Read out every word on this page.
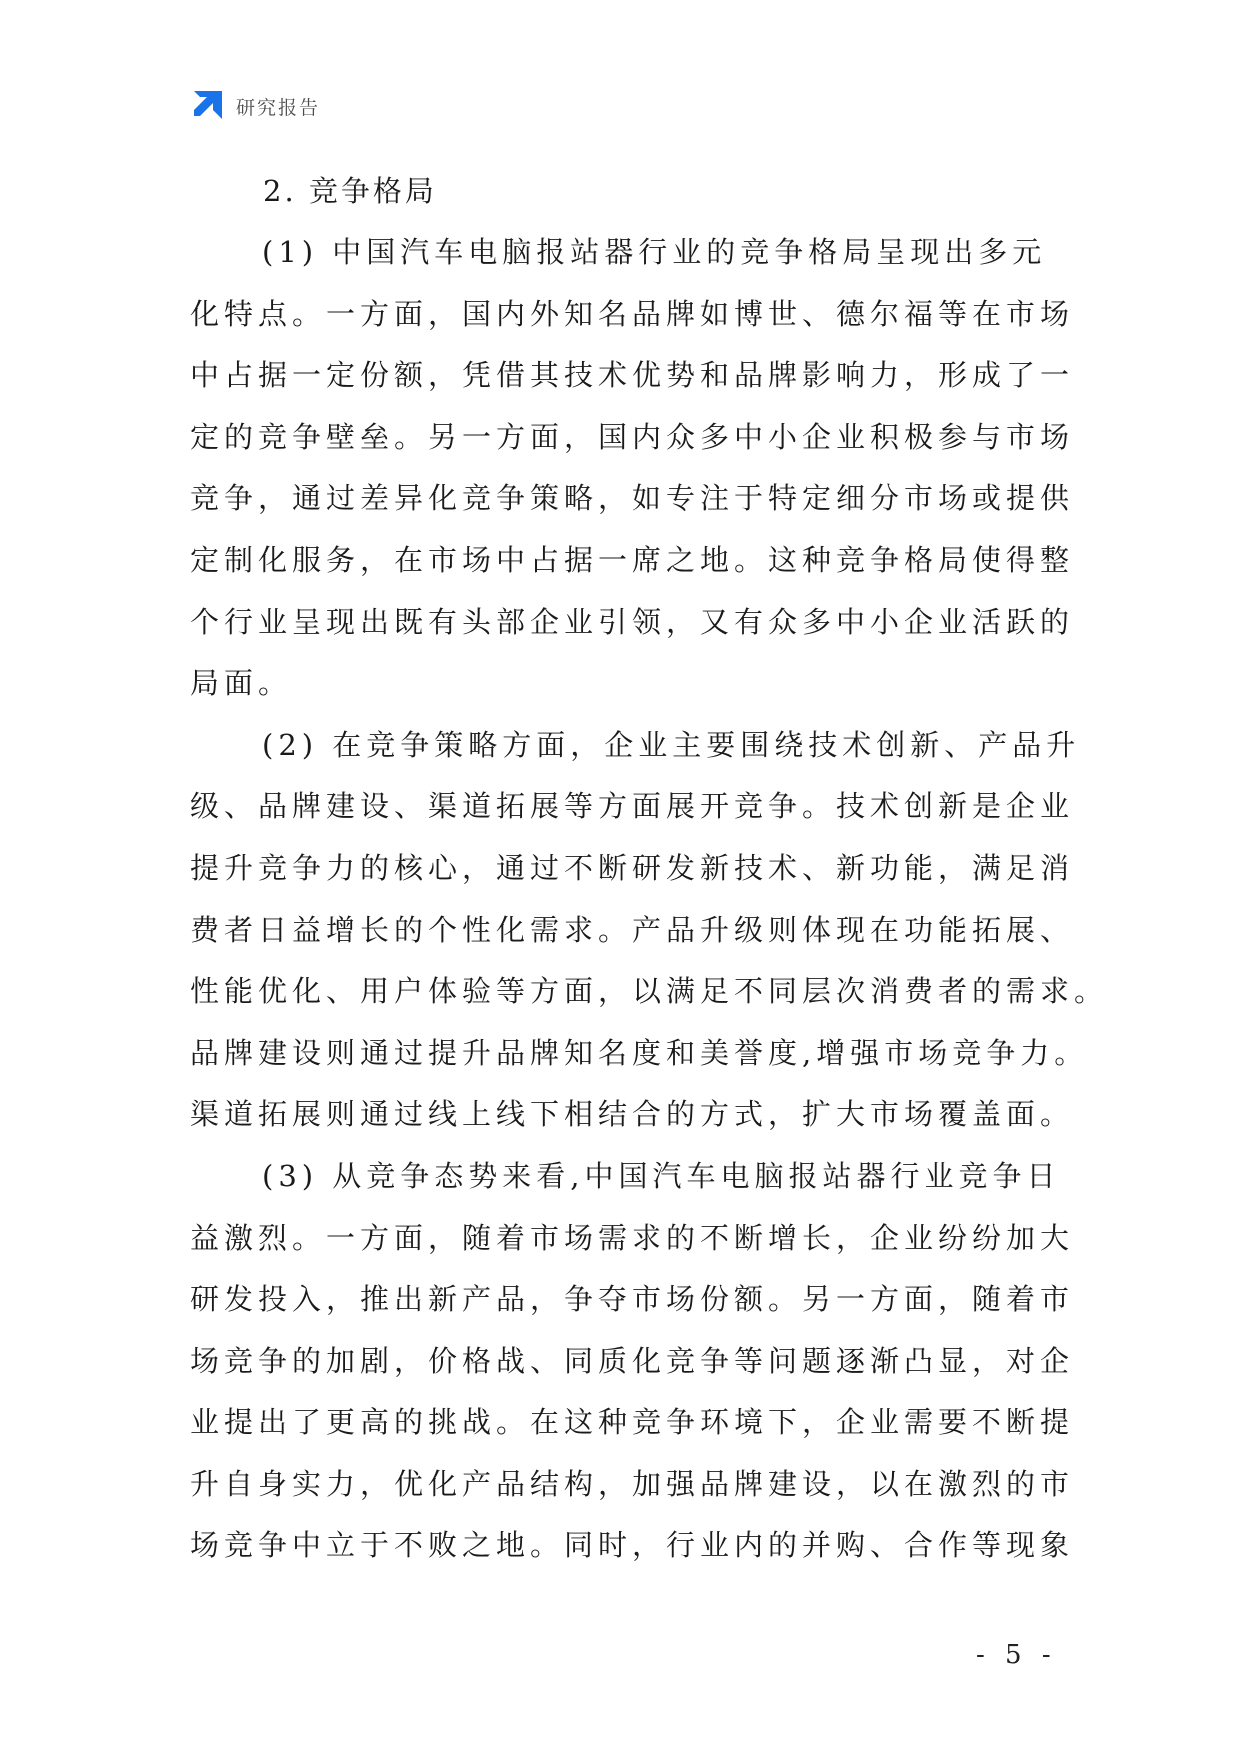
研究报告
2. 竞争格局
(1) 中国汽车电脑报站器行业的竞争格局呈现出多元
化特点。一方面，国内外知名品牌如博世、德尔福等在市场
中占据一定份额，凭借其技术优势和品牌影响力，形成了一
定的竞争壁垒。另一方面，国内众多中小企业积极参与市场
竞争，通过差异化竞争策略，如专注于特定细分市场或提供
定制化服务，在市场中占据一席之地。这种竞争格局使得整
个行业呈现出既有头部企业引领，又有众多中小企业活跃的
局面。
(2) 在竞争策略方面，企业主要围绕技术创新、产品升
级、品牌建设、渠道拓展等方面展开竞争。技术创新是企业
提升竞争力的核心，通过不断研发新技术、新功能，满足消
费者日益增长的个性化需求。产品升级则体现在功能拓展、
性能优化、用户体验等方面，以满足不同层次消费者的需求。
品牌建设则通过提升品牌知名度和美誉度,增强市场竞争力。
渠道拓展则通过线上线下相结合的方式，扩大市场覆盖面。
(3) 从竞争态势来看,中国汽车电脑报站器行业竞争日
益激烈。一方面，随着市场需求的不断增长，企业纷纷加大
研发投入，推出新产品，争夺市场份额。另一方面，随着市
场竞争的加剧，价格战、同质化竞争等问题逐渐凸显，对企
业提出了更高的挑战。在这种竞争环境下，企业需要不断提
升自身实力，优化产品结构，加强品牌建设，以在激烈的市
场竞争中立于不败之地。同时，行业内的并购、合作等现象
- 5 -
